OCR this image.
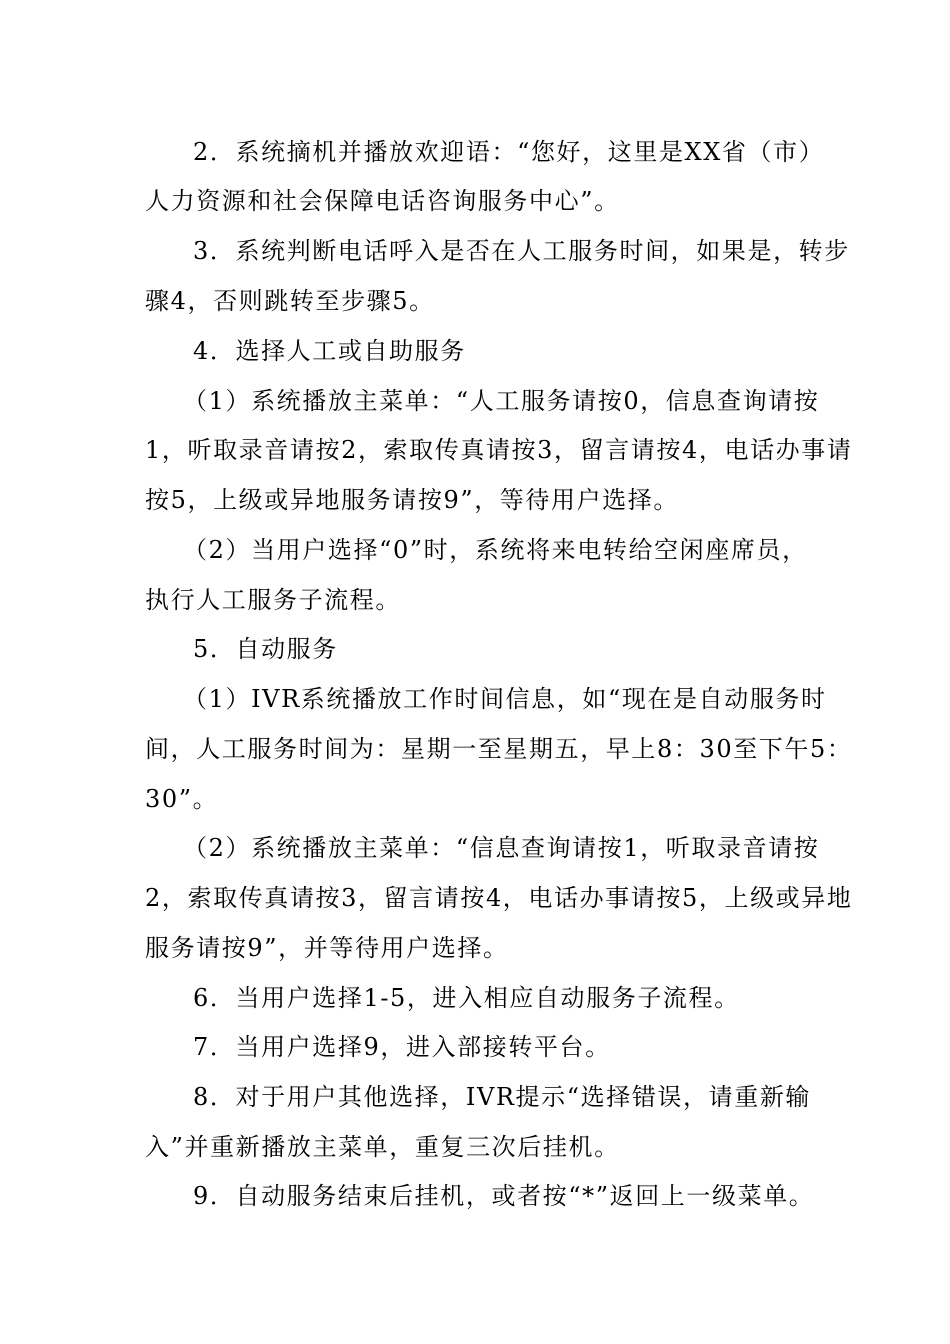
2．系统摘机并播放欢迎语：“您好，这里是XX省（市）
人力资源和社会保障电话咨询服务中心”。
3．系统判断电话呼入是否在人工服务时间，如果是，转步
骤4，否则跳转至步骤5。
4．选择人工或自助服务
（1）系统播放主菜单：“人工服务请按0，信息查询请按
1，听取录音请按2，索取传真请按3，留言请按4，电话办事请
按5，上级或异地服务请按9”，等待用户选择。
（2）当用户选择“0”时，系统将来电转给空闲座席员，
执行人工服务子流程。
5．自动服务
（1）IVR系统播放工作时间信息，如“现在是自动服务时
间，人工服务时间为：星期一至星期五，早上8：30至下午5：
30”。
（2）系统播放主菜单：“信息查询请按1，听取录音请按
2，索取传真请按3，留言请按4，电话办事请按5，上级或异地
服务请按9”，并等待用户选择。
6．当用户选择1-5，进入相应自动服务子流程。
7．当用户选择9，进入部接转平台。
8．对于用户其他选择，IVR提示“选择错误，请重新输
入”并重新播放主菜单，重复三次后挂机。
9．自动服务结束后挂机，或者按“*”返回上一级菜单。
